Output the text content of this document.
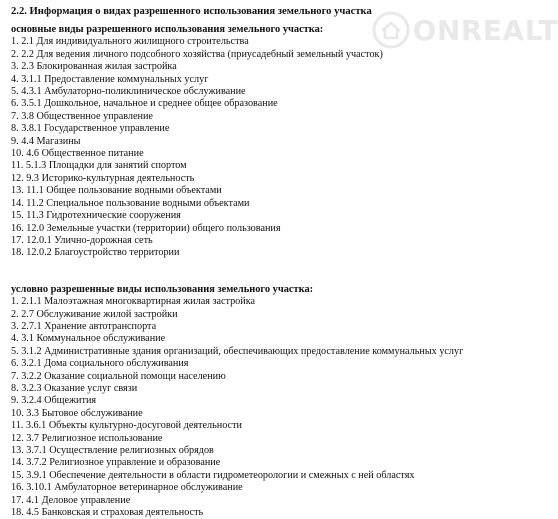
2.2. Информация о видах разрешенного использования земельного участка
основные виды разрешенного использования земельного участка:
1. 2.1 Для индивидуального жилищного строительства
2. 2.2 Для ведения личного подсобного хозяйства (приусадебный земельный участок)
3. 2.3 Блокированная жилая застройка
4. 3.1.1 Предоставление коммунальных услуг
5. 4.3.1 Амбулаторно-поликлиническое обслуживание
6. 3.5.1 Дошкольное, начальное и среднее общее образование
7. 3.8 Общественное управление
8. 3.8.1 Государственное управление
9. 4.4 Магазины
10. 4.6 Общественное питание
11. 5.1.3 Площадки для занятий спортом
12. 9.3 Историко-культурная деятельность
13. 11.1 Общее пользование водными объектами
14. 11.2 Специальное пользование водными объектами
15. 11.3 Гидротехнические сооружения
16. 12.0 Земельные участки (территории) общего пользования
17. 12.0.1 Улично-дорожная сеть
18. 12.0.2 Благоустройство территории
условно разрешенные виды использования земельного участка:
1. 2.1.1 Малоэтажная многоквартирная жилая застройка
2. 2.7 Обслуживание жилой застройки
3. 2.7.1 Хранение автотранспорта
4. 3.1 Коммунальное обслуживание
5. 3.1.2 Административные здания организаций, обеспечивающих предоставление коммунальных услуг
6. 3.2.1 Дома социального обслуживания
7. 3.2.2 Оказание социальной помощи населению
8. 3.2.3 Оказание услуг связи
9. 3.2.4 Общежития
10. 3.3 Бытовое обслуживание
11. 3.6.1 Объекты культурно-досуговой деятельности
12. 3.7 Религиозное использование
13. 3.7.1 Осуществление религиозных обрядов
14. 3.7.2 Религиозное управление и образование
15. 3.9.1 Обеспечение деятельности в области гидрометеорологии и смежных с ней областях
16. 3.10.1 Амбулаторное ветеринарное обслуживание
17. 4.1 Деловое управление
18. 4.5 Банковская и страховая деятельность
ONREALT
